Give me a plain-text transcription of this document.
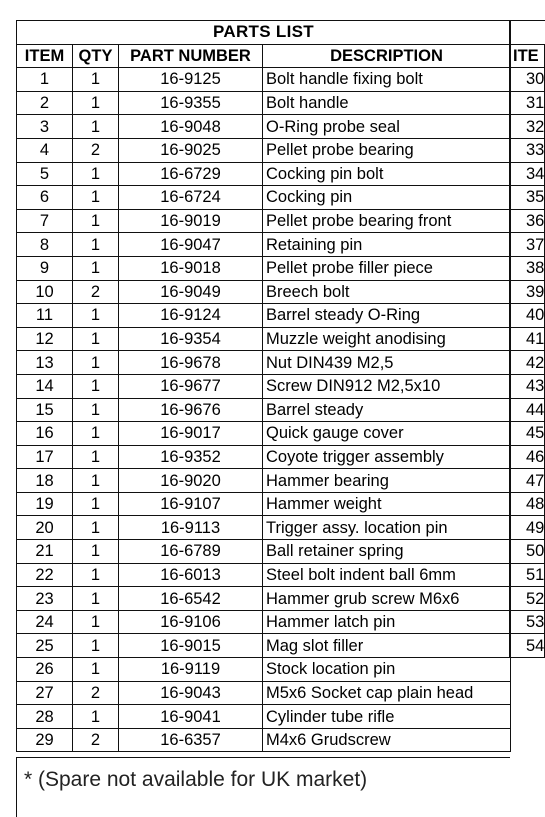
PARTS LIST			
ITEM	QTY	PART NUMBER	DESCRIPTION
1	1	16-9125	Bolt handle fixing bolt
2	1	16-9355	Bolt handle
3	1	16-9048	O-Ring probe seal
4	2	16-9025	Pellet probe bearing
5	1	16-6729	Cocking pin bolt
6	1	16-6724	Cocking pin
7	1	16-9019	Pellet probe bearing front
8	1	16-9047	Retaining pin
9	1	16-9018	Pellet probe filler piece
10	2	16-9049	Breech bolt
11	1	16-9124	Barrel steady O-Ring
12	1	16-9354	Muzzle weight anodising
13	1	16-9678	Nut DIN439 M2,5
14	1	16-9677	Screw DIN912 M2,5x10
15	1	16-9676	Barrel steady
16	1	16-9017	Quick gauge cover
17	1	16-9352	Coyote trigger assembly
18	1	16-9020	Hammer bearing
19	1	16-9107	Hammer weight
20	1	16-9113	Trigger assy. location pin
21	1	16-6789	Ball retainer spring
22	1	16-6013	Steel bolt indent ball 6mm
23	1	16-6542	Hammer grub screw M6x6
24	1	16-9106	Hammer latch pin
25	1	16-9015	Mag slot filler
26	1	16-9119	Stock location pin
27	2	16-9043	M5x6 Socket cap plain head
28	1	16-9041	Cylinder tube rifle
29	2	16-6357	M4x6 Grudscrew

ITE
30
31
32
33
34
35
36
37
38
39
40
41
42
43
44
45
46
47
48
49
50
51
52
53
54
* (Spare not available for UK market)
